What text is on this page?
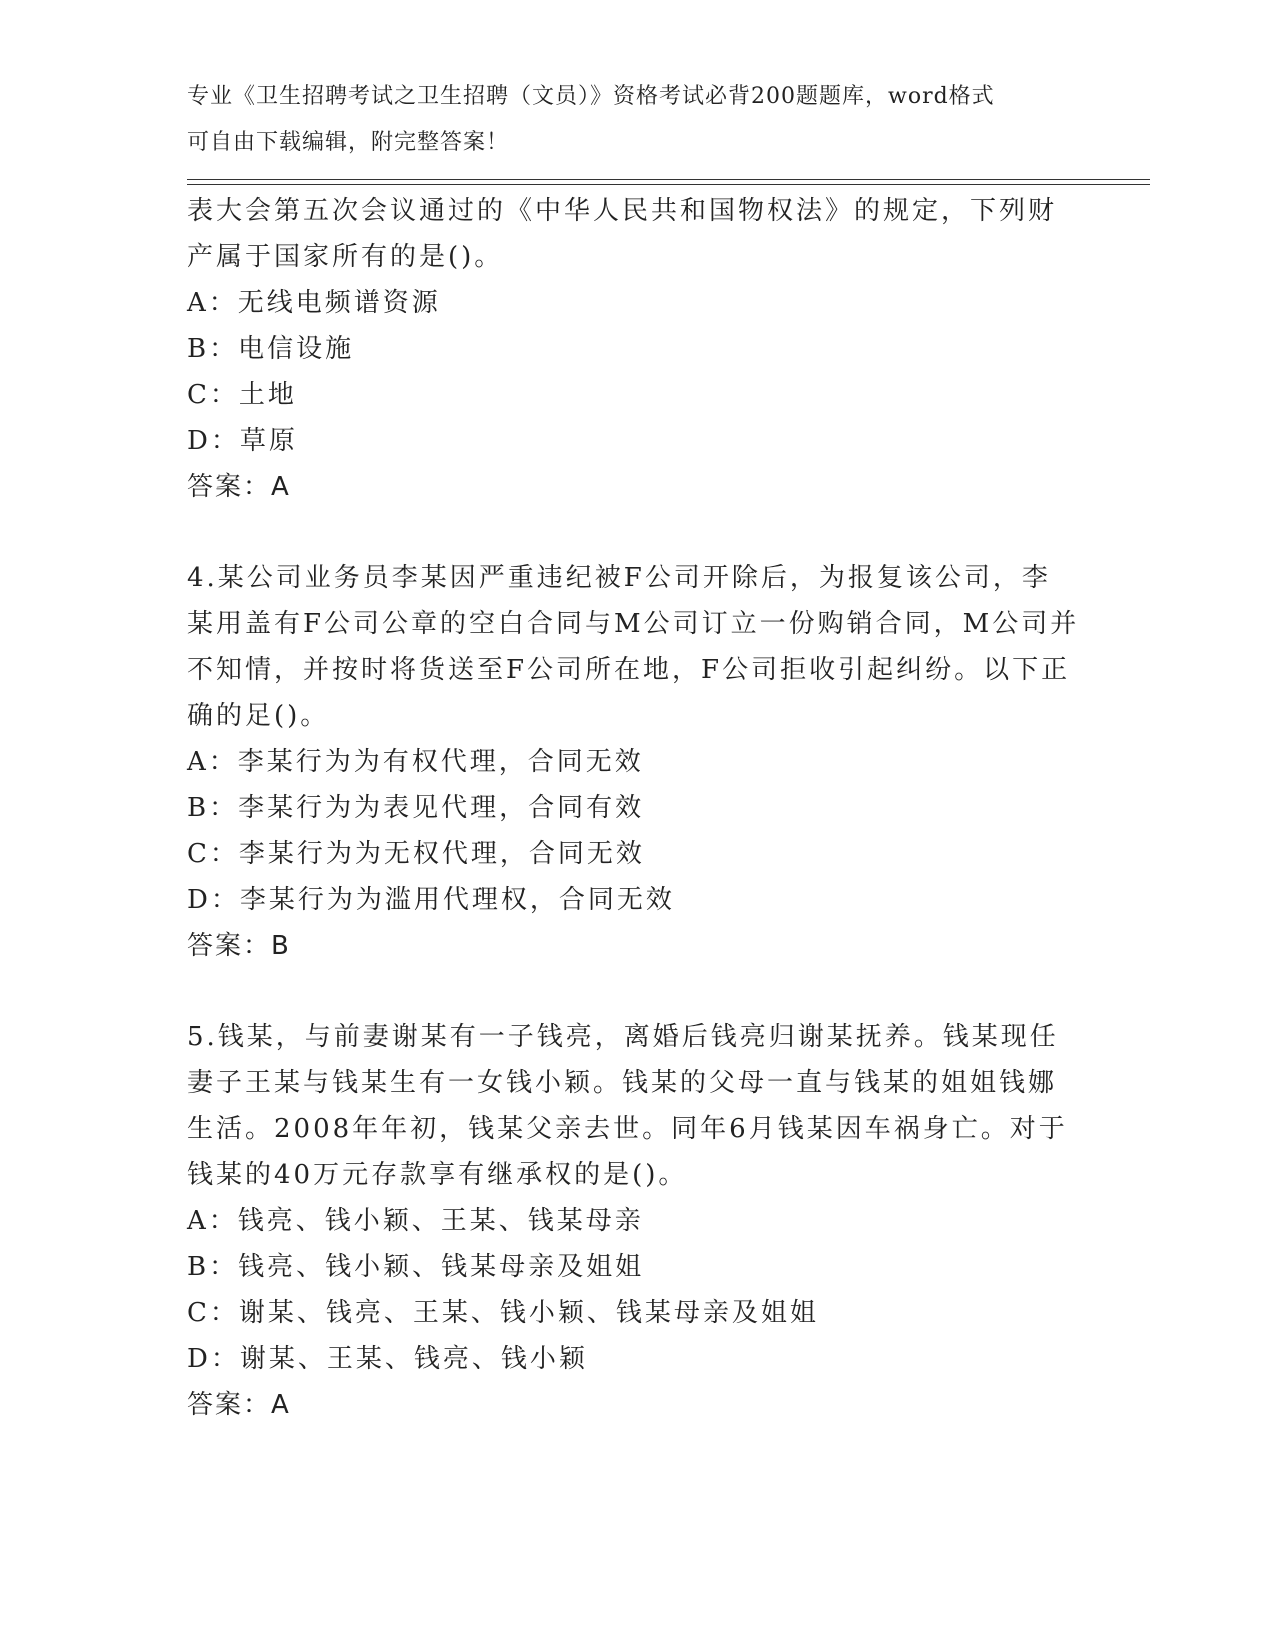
专业《卫生招聘考试之卫生招聘（文员）》资格考试必背200题题库，word格式
可自由下载编辑，附完整答案！
表大会第五次会议通过的《中华人民共和国物权法》的规定，下列财
产属于国家所有的是()。
A：无线电频谱资源
B：电信设施
C：土地
D：草原
答案：A
4.某公司业务员李某因严重违纪被F公司开除后，为报复该公司，李
某用盖有F公司公章的空白合同与M公司订立一份购销合同，M公司并
不知情，并按时将货送至F公司所在地，F公司拒收引起纠纷。以下正
确的足()。
A：李某行为为有权代理，合同无效
B：李某行为为表见代理，合同有效
C：李某行为为无权代理，合同无效
D：李某行为为滥用代理权，合同无效
答案：B
5.钱某，与前妻谢某有一子钱亮，离婚后钱亮归谢某抚养。钱某现任
妻子王某与钱某生有一女钱小颖。钱某的父母一直与钱某的姐姐钱娜
生活。2008年年初，钱某父亲去世。同年6月钱某因车祸身亡。对于
钱某的40万元存款享有继承权的是()。
A：钱亮、钱小颖、王某、钱某母亲
B：钱亮、钱小颖、钱某母亲及姐姐
C：谢某、钱亮、王某、钱小颖、钱某母亲及姐姐
D：谢某、王某、钱亮、钱小颖
答案：A
